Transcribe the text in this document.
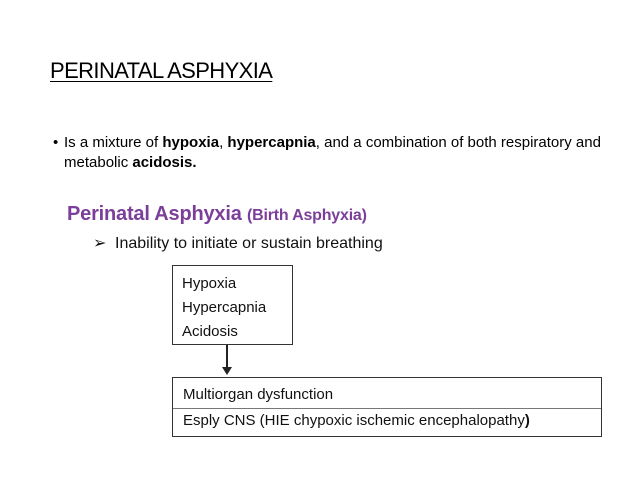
PERINATAL ASPHYXIA
• Is a mixture of hypoxia, hypercapnia, and a combination of both respiratory and metabolic acidosis.
Perinatal Asphyxia (Birth Asphyxia)
➢ Inability to initiate or sustain breathing
Hypoxia
Hypercapnia
Acidosis
Multiorgan dysfunction
Esply CNS (HIE chypoxic ischemic encephalopathy)
